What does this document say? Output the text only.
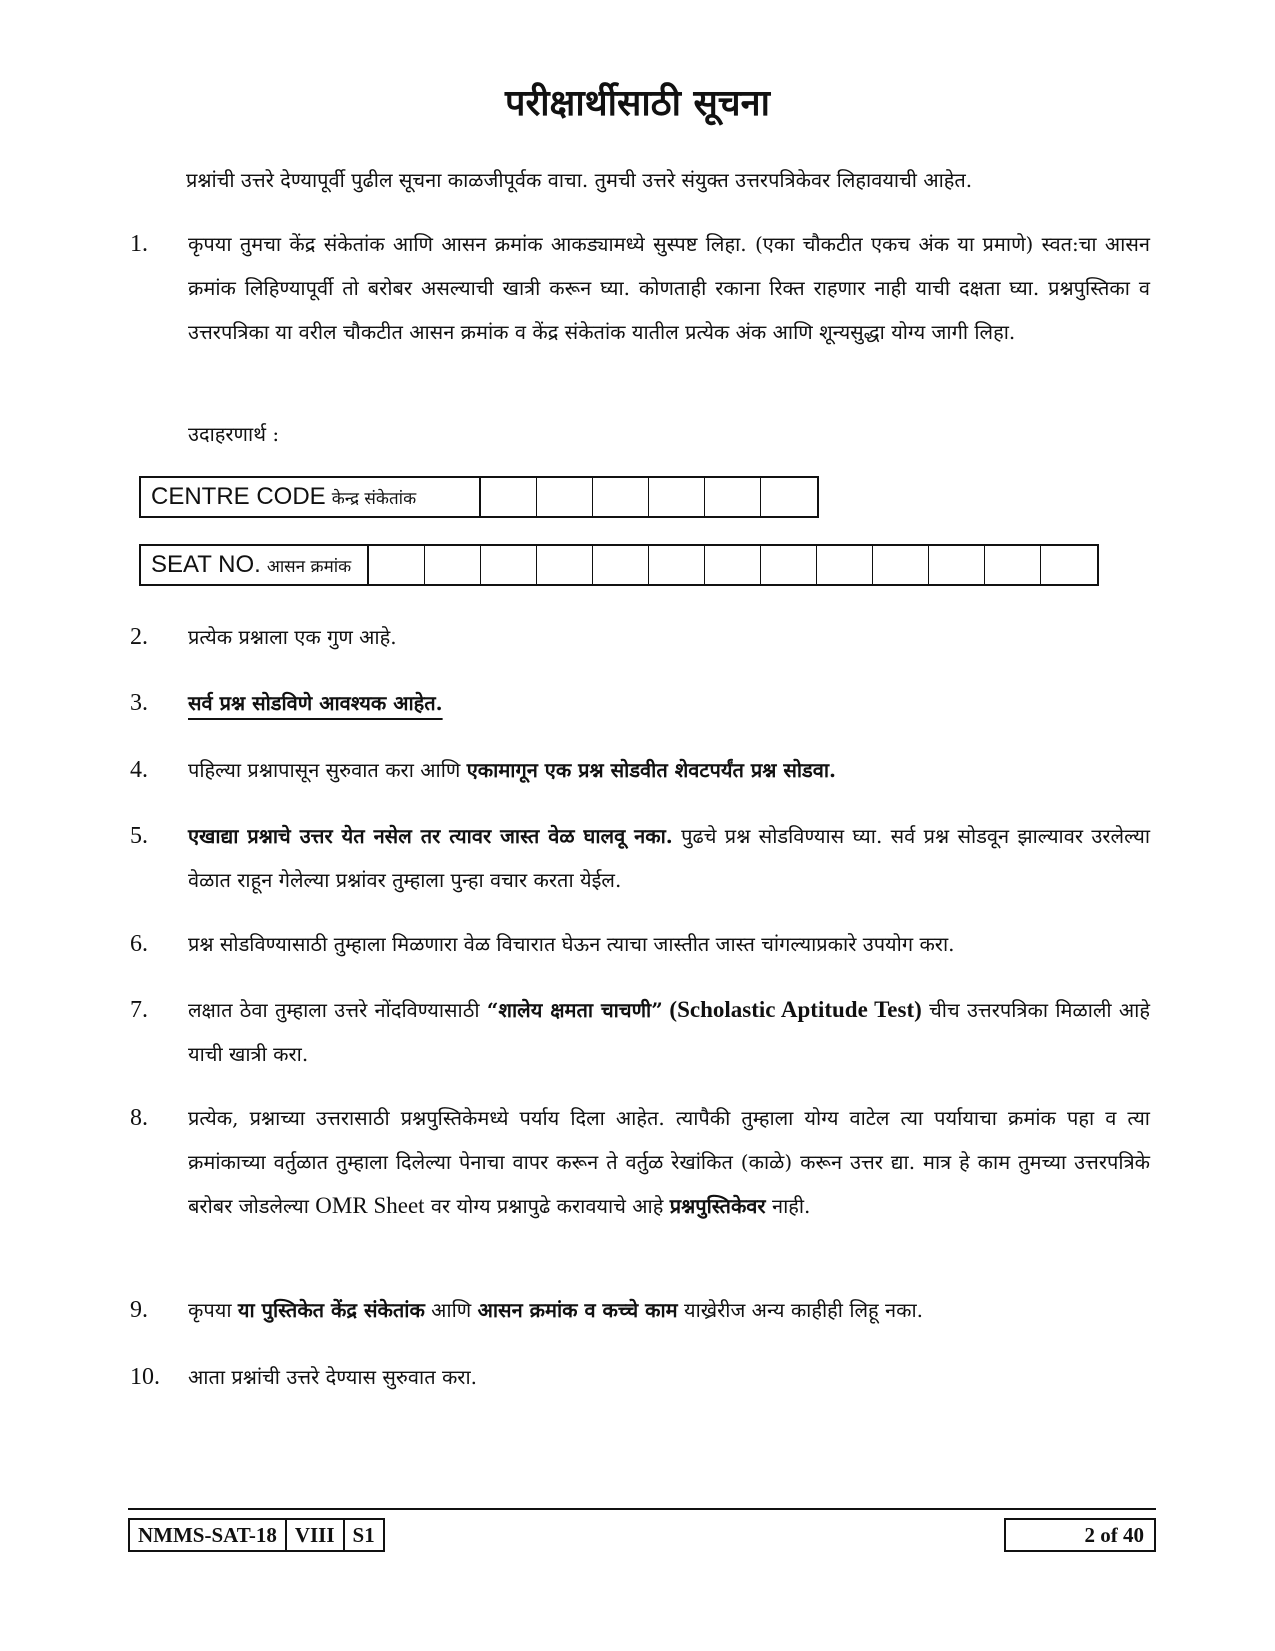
परीक्षार्थीसाठी सूचना
प्रश्नांची उत्तरे देण्यापूर्वी पुढील सूचना काळजीपूर्वक वाचा. तुमची उत्तरे संयुक्त उत्तरपत्रिकेवर लिहावयाची आहेत.
1.	कृपया तुमचा केंद्र संकेतांक आणि आसन क्रमांक आकड्यामध्ये सुस्पष्ट लिहा. (एका चौकटीत एकच अंक या प्रमाणे) स्वत:चा आसन क्रमांक लिहिण्यापूर्वी तो बरोबर असल्याची खात्री करून घ्या. कोणताही रकाना रिक्त राहणार नाही याची दक्षता घ्या. प्रश्नपुस्तिका व उत्तरपत्रिका या वरील चौकटीत आसन क्रमांक व केंद्र संकेतांक यातील प्रत्येक अंक आणि शून्यसुद्धा योग्य जागी लिहा.
उदाहरणार्थ :
CENTRE CODE केन्द्र संकेतांक
SEAT NO. आसन क्रमांक
2.	प्रत्येक प्रश्नाला एक गुण आहे.
3.	सर्व प्रश्न सोडविणे आवश्यक आहेत.
4.	पहिल्या प्रश्नापासून सुरुवात करा आणि एकामागून एक प्रश्न सोडवीत शेवटपर्यंत प्रश्न सोडवा.
5.	एखाद्या प्रश्नाचे उत्तर येत नसेल तर त्यावर जास्त वेळ घालवू नका. पुढचे प्रश्न सोडविण्यास घ्या. सर्व प्रश्न सोडवून झाल्यावर उरलेल्या वेळात राहून गेलेल्या प्रश्नांवर तुम्हाला पुन्हा वचार करता येईल.
6.	प्रश्न सोडविण्यासाठी तुम्हाला मिळणारा वेळ विचारात घेऊन त्याचा जास्तीत जास्त चांगल्याप्रकारे उपयोग करा.
7.	लक्षात ठेवा तुम्हाला उत्तरे नोंदविण्यासाठी “शालेय क्षमता चाचणी” (Scholastic Aptitude Test) चीच उत्तरपत्रिका मिळाली आहे याची खात्री करा.
8.	प्रत्येक, प्रश्नाच्या उत्तरासाठी प्रश्नपुस्तिकेमध्ये पर्याय दिला आहेत. त्यापैकी तुम्हाला योग्य वाटेल त्या पर्यायाचा क्रमांक पहा व त्या क्रमांकाच्या वर्तुळात तुम्हाला दिलेल्या पेनाचा वापर करून ते वर्तुळ रेखांकित (काळे) करून उत्तर द्या. मात्र हे काम तुमच्या उत्तरपत्रिके बरोबर जोडलेल्या OMR Sheet वर योग्य प्रश्नापुढे करावयाचे आहे प्रश्नपुस्तिकेवर नाही.
9.	कृपया या पुस्तिकेत केंद्र संकेतांक आणि आसन क्रमांक व कच्चे काम याख्रेरीज अन्य काहीही लिहू नका.
10.	आता प्रश्नांची उत्तरे देण्यास सुरुवात करा.
NMMS-SAT-18 VIII S1	2 of 40
